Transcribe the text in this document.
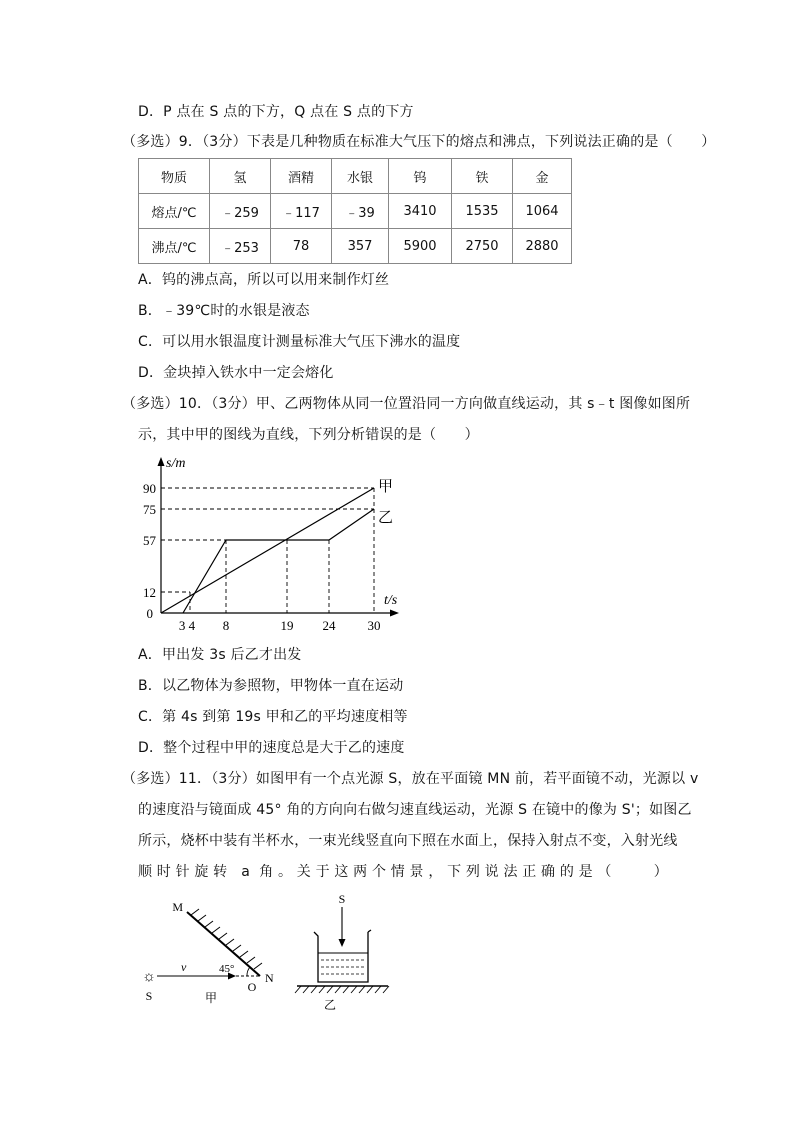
D．P 点在 S 点的下方，Q 点在 S 点的下方
（多选）9．（3分）下表是几种物质在标准大气压下的熔点和沸点，下列说法正确的是（　　）
物质	氢	酒精	水银	钨	铁	金
熔点/℃	﹣259	﹣117	﹣39	3410	1535	1064
沸点/℃	﹣253	78	357	5900	2750	2880
A．钨的沸点高，所以可以用来制作灯丝
B．﹣39℃时的水银是液态
C．可以用水银温度计测量标准大气压下沸水的温度
D．金块掉入铁水中一定会熔化
（多选）10．（3分）甲、乙两物体从同一位置沿同一方向做直线运动，其 s﹣t 图像如图所
示，其中甲的图线为直线，下列分析错误的是（　　）
s/m
t/s
0
90
75
57
12
3 4 8	19 24 30
甲
乙
A．甲出发 3s 后乙才出发
B．以乙物体为参照物，甲物体一直在运动
C．第 4s 到第 19s 甲和乙的平均速度相等
D．整个过程中甲的速度总是大于乙的速度
（多选）11．（3分）如图甲有一个点光源 S，放在平面镜 MN 前，若平面镜不动，光源以 v
的速度沿与镜面成 45° 角的方向向右做匀速直线运动，光源 S 在镜中的像为 S'；如图乙
所示，烧杯中装有半杯水，一束光线竖直向下照在水面上，保持入射点不变，入射光线
顺时针旋转 a 角。关于这两个情景，下列说法正确的是（　　）
☼
M
N
O
S
v	45°
甲
S
乙
